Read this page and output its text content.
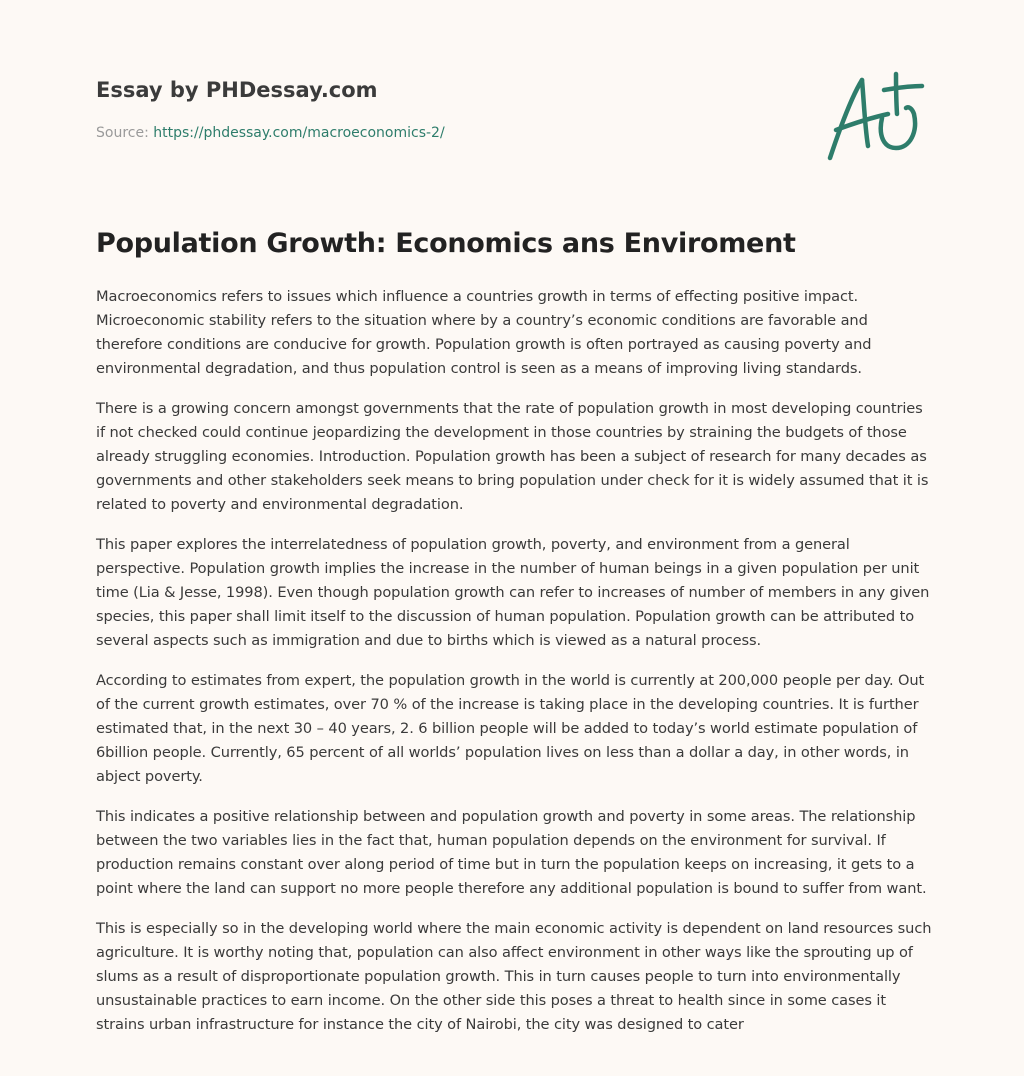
Essay by PHDessay.com
Source: https://phdessay.com/macroeconomics-2/
Population Growth: Economics ans Enviroment

Macroeconomics refers to issues which influence a countries growth in terms of effecting positive impact. Microeconomic stability refers to the situation where by a country’s economic conditions are favorable and therefore conditions are conducive for growth. Population growth is often portrayed as causing poverty and environmental degradation, and thus population control is seen as a means of improving living standards.

There is a growing concern amongst governments that the rate of population growth in most developing countries if not checked could continue jeopardizing the development in those countries by straining the budgets of those already struggling economies. Introduction. Population growth has been a subject of research for many decades as governments and other stakeholders seek means to bring population under check for it is widely assumed that it is related to poverty and environmental degradation.

This paper explores the interrelatedness of population growth, poverty, and environment from a general perspective. Population growth implies the increase in the number of human beings in a given population per unit time (Lia & Jesse, 1998). Even though population growth can refer to increases of number of members in any given species, this paper shall limit itself to the discussion of human population. Population growth can be attributed to several aspects such as immigration and due to births which is viewed as a natural process.

According to estimates from expert, the population growth in the world is currently at 200,000 people per day. Out of the current growth estimates, over 70 % of the increase is taking place in the developing countries. It is further estimated that, in the next 30 – 40 years, 2. 6 billion people will be added to today’s world estimate population of 6billion people. Currently, 65 percent of all worlds’ population lives on less than a dollar a day, in other words, in abject poverty.

This indicates a positive relationship between and population growth and poverty in some areas. The relationship between the two variables lies in the fact that, human population depends on the environment for survival. If production remains constant over along period of time but in turn the population keeps on increasing, it gets to a point where the land can support no more people therefore any additional population is bound to suffer from want.

This is especially so in the developing world where the main economic activity is dependent on land resources such agriculture. It is worthy noting that, population can also affect environment in other ways like the sprouting up of slums as a result of disproportionate population growth. This in turn causes people to turn into environmentally unsustainable practices to earn income. On the other side this poses a threat to health since in some cases it strains urban infrastructure for instance the city of Nairobi, the city was designed to cater
